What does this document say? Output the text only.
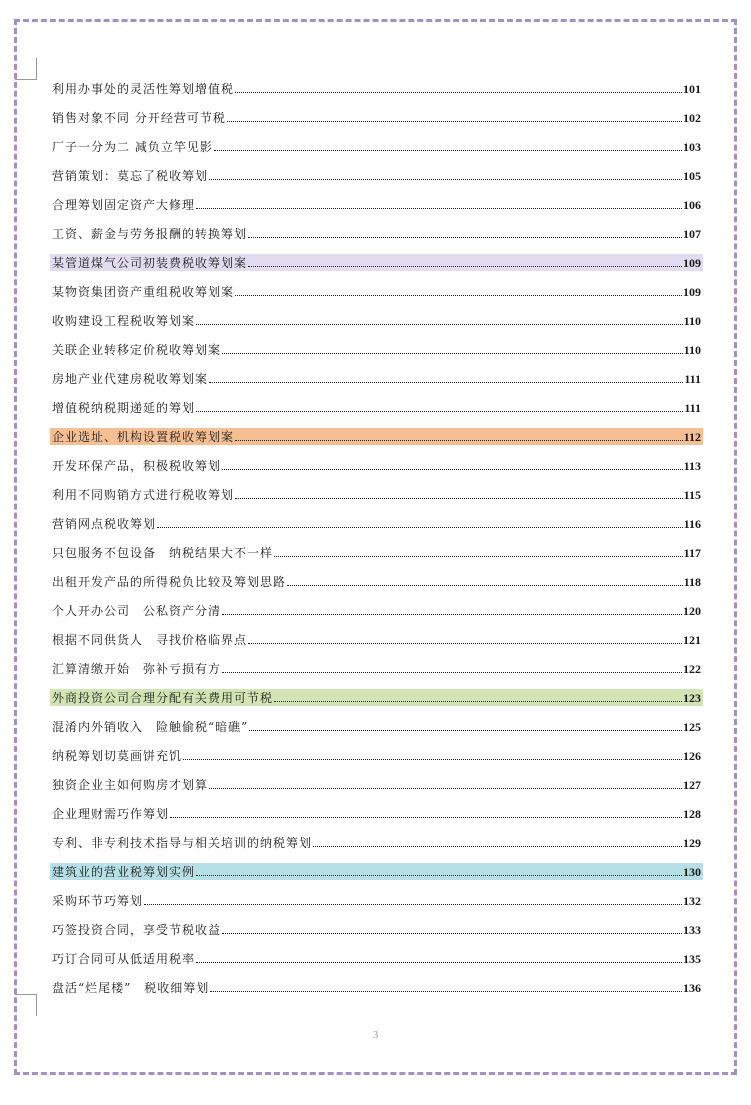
利用办事处的灵活性筹划增值税	101
销售对象不同 分开经营可节税	102
厂子一分为二 减负立竿见影	103
营销策划：莫忘了税收筹划	105
合理筹划固定资产大修理	106
工资、薪金与劳务报酬的转换筹划	107
某管道煤气公司初装费税收筹划案	109
某物资集团资产重组税收筹划案	109
收购建设工程税收筹划案	110
关联企业转移定价税收筹划案	110
房地产业代建房税收筹划案	111
增值税纳税期递延的筹划	111
企业选址、机构设置税收筹划案	112
开发环保产品，积极税收筹划	113
利用不同购销方式进行税收筹划	115
营销网点税收筹划	116
只包服务不包设备　纳税结果大不一样	117
出租开发产品的所得税负比较及筹划思路	118
个人开办公司　公私资产分清	120
根据不同供货人　寻找价格临界点	121
汇算清缴开始　弥补亏损有方	122
外商投资公司合理分配有关费用可节税	123
混淆内外销收入　险触偷税“暗礁”	125
纳税筹划切莫画饼充饥	126
独资企业主如何购房才划算	127
企业理财需巧作筹划	128
专利、非专利技术指导与相关培训的纳税筹划	129
建筑业的营业税筹划实例	130
采购环节巧筹划	132
巧签投资合同，享受节税收益	133
巧订合同可从低适用税率	135
盘活“烂尾楼”　税收细筹划	136
3
